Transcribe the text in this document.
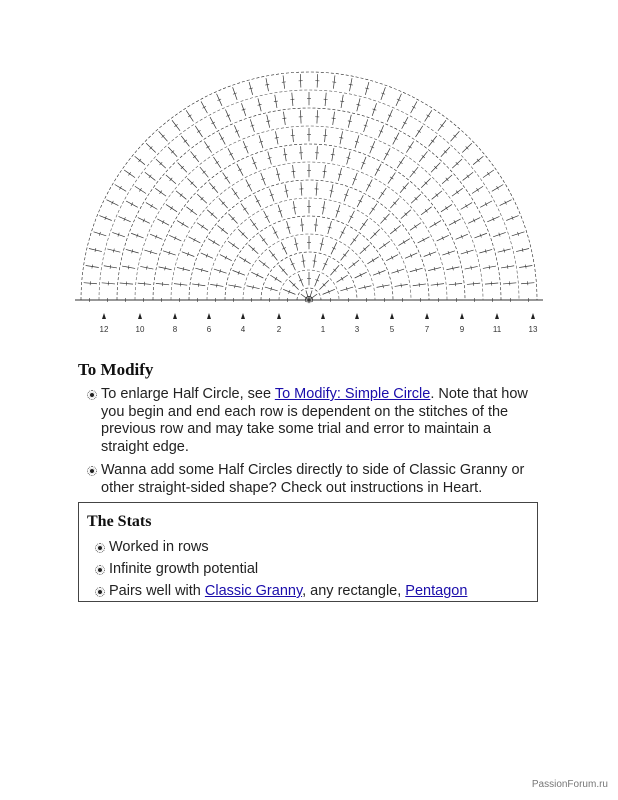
12	10	8	6	4	2	1	3	5	7	9	11	13
To Modify
To enlarge Half Circle, see To Modify: Simple Circle. Note that how you begin and end each row is dependent on the stitches of the previous row and may take some trial and error to maintain a straight edge.
Wanna add some Half Circles directly to side of Classic Granny or other straight-sided shape? Check out instructions in Heart.
The Stats
Worked in rows
Infinite growth potential
Pairs well with Classic Granny, any rectangle, Pentagon
PassionForum.ru
